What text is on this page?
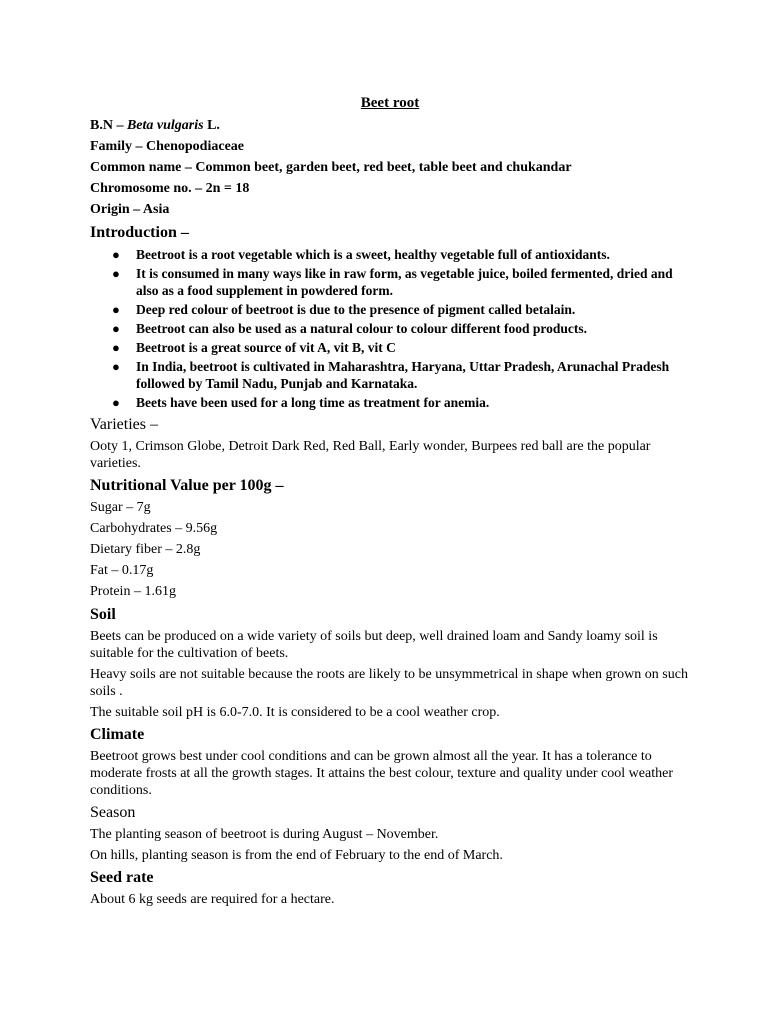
Beet root
B.N – Beta vulgaris L.
Family – Chenopodiaceae
Common name – Common beet, garden beet, red beet, table beet and chukandar
Chromosome no. – 2n = 18
Origin – Asia
Introduction –
● Beetroot is a root vegetable which is a sweet, healthy vegetable full of antioxidants.
● It is consumed in many ways like in raw form, as vegetable juice, boiled fermented, dried and also as a food supplement in powdered form.
● Deep red colour of beetroot is due to the presence of pigment called betalain.
● Beetroot can also be used as a natural colour to colour different food products.
● Beetroot is a great source of vit A, vit B, vit C
● In India, beetroot is cultivated in Maharashtra, Haryana, Uttar Pradesh, Arunachal Pradesh followed by Tamil Nadu, Punjab and Karnataka.
● Beets have been used for a long time as treatment for anemia.
Varieties –

Ooty 1, Crimson Globe, Detroit Dark Red, Red Ball, Early wonder, Burpees red ball are the popular varieties.

Nutritional Value per 100g –

Sugar – 7g

Carbohydrates – 9.56g

Dietary fiber – 2.8g

Fat – 0.17g

Protein – 1.61g

Soil

Beets can be produced on a wide variety of soils but deep, well drained loam and Sandy loamy soil is suitable for the cultivation of beets.

Heavy soils are not suitable because the roots are likely to be unsymmetrical in shape when grown on such soils .

The suitable soil pH is 6.0-7.0. It is considered to be a cool weather crop.

Climate

Beetroot grows best under cool conditions and can be grown almost all the year. It has a tolerance to moderate frosts at all the growth stages. It attains the best colour, texture and quality under cool weather conditions.

Season

The planting season of beetroot is during August – November.

On hills, planting season is from the end of February to the end of March.

Seed rate

About 6 kg seeds are required for a hectare.
